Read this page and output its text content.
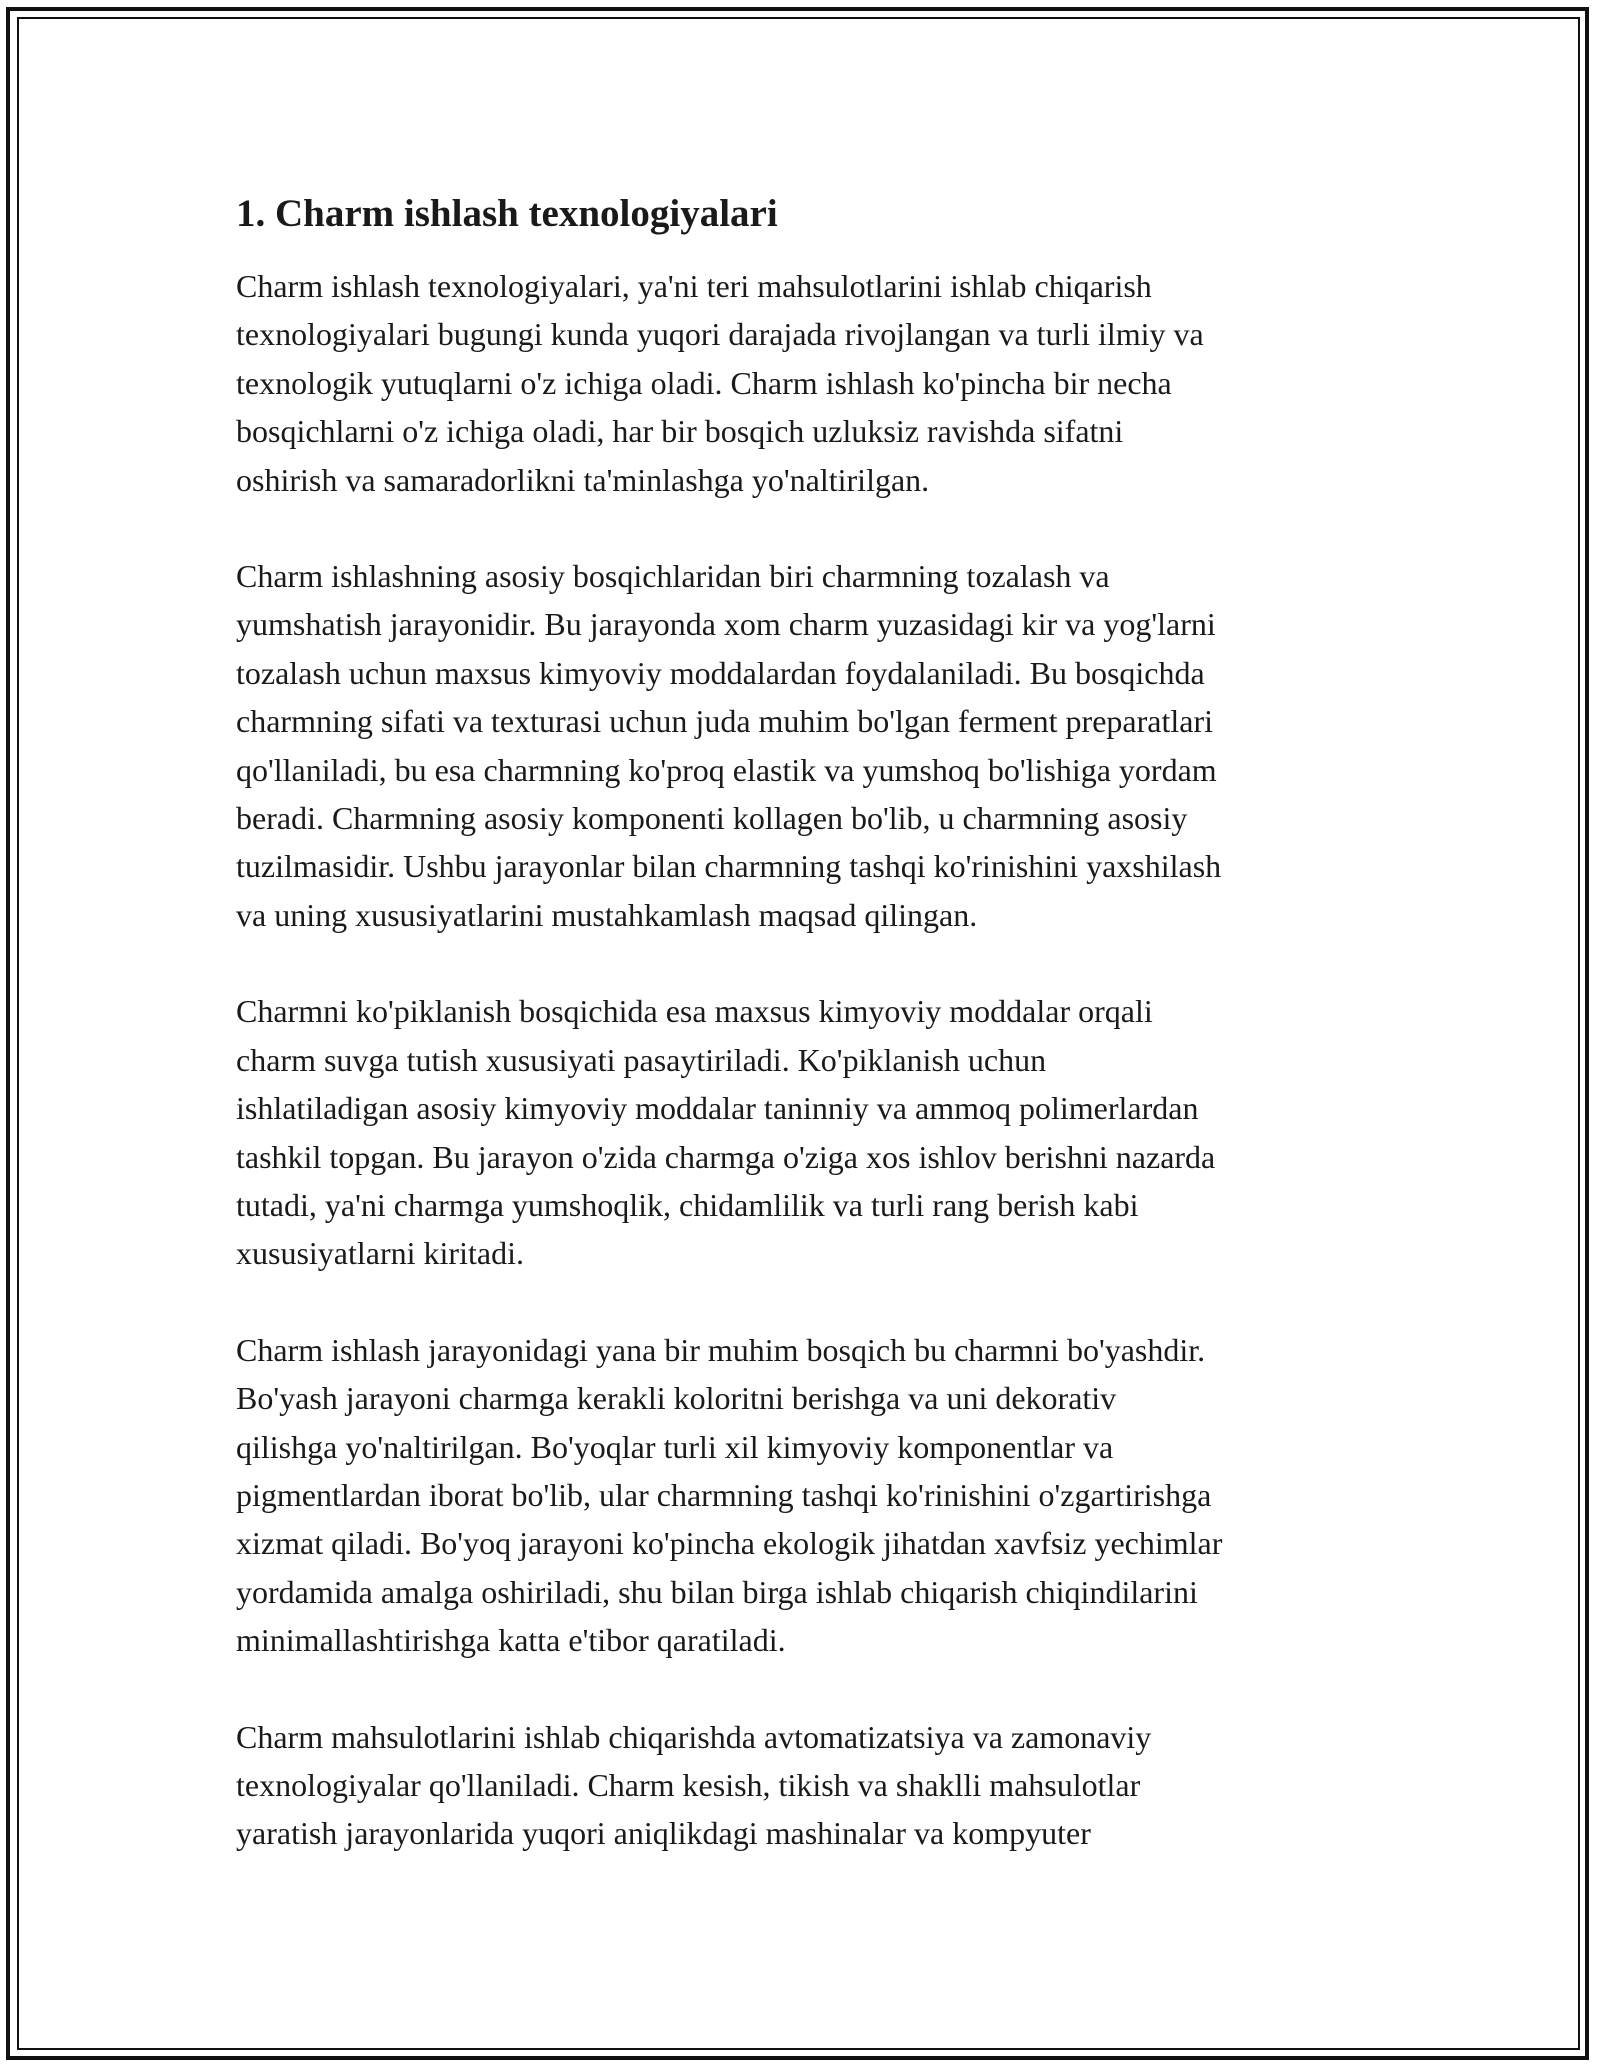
1. Charm ishlash texnologiyalari

Charm ishlash texnologiyalari, ya'ni teri mahsulotlarini ishlab chiqarish
texnologiyalari bugungi kunda yuqori darajada rivojlangan va turli ilmiy va
texnologik yutuqlarni o'z ichiga oladi. Charm ishlash ko'pincha bir necha
bosqichlarni o'z ichiga oladi, har bir bosqich uzluksiz ravishda sifatni
oshirish va samaradorlikni ta'minlashga yo'naltirilgan.

Charm ishlashning asosiy bosqichlaridan biri charmning tozalash va
yumshatish jarayonidir. Bu jarayonda xom charm yuzasidagi kir va yog'larni
tozalash uchun maxsus kimyoviy moddalardan foydalaniladi. Bu bosqichda
charmning sifati va texturasi uchun juda muhim bo'lgan ferment preparatlari
qo'llaniladi, bu esa charmning ko'proq elastik va yumshoq bo'lishiga yordam
beradi. Charmning asosiy komponenti kollagen bo'lib, u charmning asosiy
tuzilmasidir. Ushbu jarayonlar bilan charmning tashqi ko'rinishini yaxshilash
va uning xususiyatlarini mustahkamlash maqsad qilingan.

Charmni ko'piklanish bosqichida esa maxsus kimyoviy moddalar orqali
charm suvga tutish xususiyati pasaytiriladi. Ko'piklanish uchun
ishlatiladigan asosiy kimyoviy moddalar taninniy va ammoq polimerlardan
tashkil topgan. Bu jarayon o'zida charmga o'ziga xos ishlov berishni nazarda
tutadi, ya'ni charmga yumshoqlik, chidamlilik va turli rang berish kabi
xususiyatlarni kiritadi.

Charm ishlash jarayonidagi yana bir muhim bosqich bu charmni bo'yashdir.
Bo'yash jarayoni charmga kerakli koloritni berishga va uni dekorativ
qilishga yo'naltirilgan. Bo'yoqlar turli xil kimyoviy komponentlar va
pigmentlardan iborat bo'lib, ular charmning tashqi ko'rinishini o'zgartirishga
xizmat qiladi. Bo'yoq jarayoni ko'pincha ekologik jihatdan xavfsiz yechimlar
yordamida amalga oshiriladi, shu bilan birga ishlab chiqarish chiqindilarini
minimallashtirishga katta e'tibor qaratiladi.

Charm mahsulotlarini ishlab chiqarishda avtomatizatsiya va zamonaviy
texnologiyalar qo'llaniladi. Charm kesish, tikish va shaklli mahsulotlar
yaratish jarayonlarida yuqori aniqlikdagi mashinalar va kompyuter
